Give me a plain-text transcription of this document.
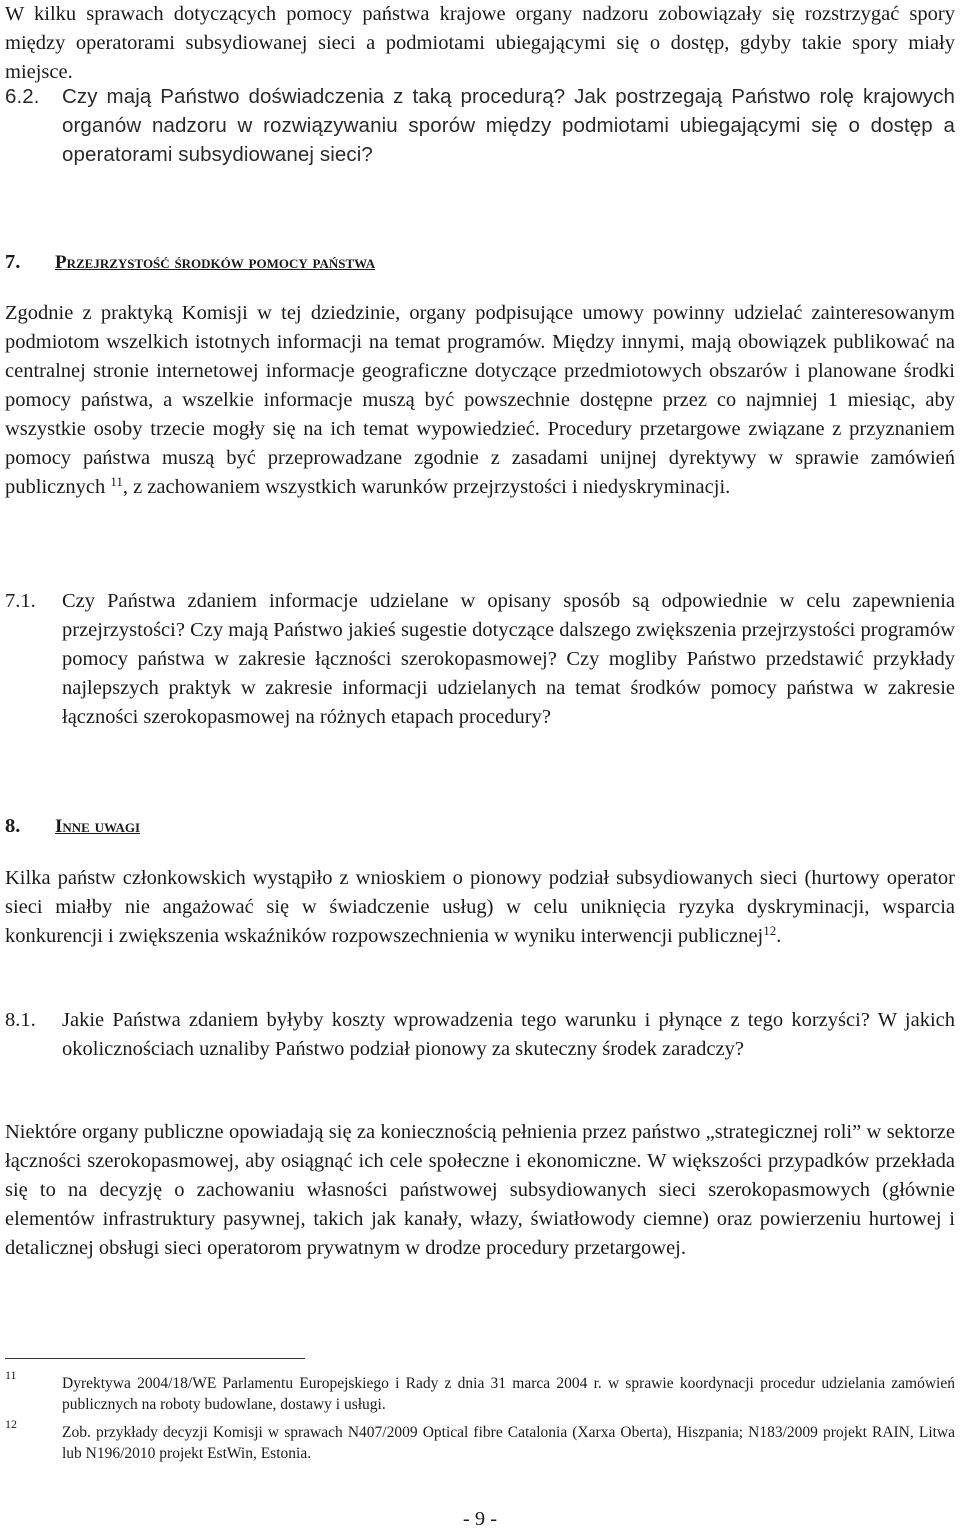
W kilku sprawach dotyczących pomocy państwa krajowe organy nadzoru zobowiązały się rozstrzygać spory między operatorami subsydiowanej sieci a podmiotami ubiegającymi się o dostęp, gdyby takie spory miały miejsce.

6.2. Czy mają Państwo doświadczenia z taką procedurą? Jak postrzegają Państwo rolę krajowych organów nadzoru w rozwiązywaniu sporów między podmiotami ubiegającymi się o dostęp a operatorami subsydiowanej sieci?
7. Przejrzystość środków pomocy państwa

Zgodnie z praktyką Komisji w tej dziedzinie, organy podpisujące umowy powinny udzielać zainteresowanym podmiotom wszelkich istotnych informacji na temat programów. Między innymi, mają obowiązek publikować na centralnej stronie internetowej informacje geograficzne dotyczące przedmiotowych obszarów i planowane środki pomocy państwa, a wszelkie informacje muszą być powszechnie dostępne przez co najmniej 1 miesiąc, aby wszystkie osoby trzecie mogły się na ich temat wypowiedzieć. Procedury przetargowe związane z przyznaniem pomocy państwa muszą być przeprowadzane zgodnie z zasadami unijnej dyrektywy w sprawie zamówień publicznych $^{11}$, z zachowaniem wszystkich warunków przejrzystości i niedyskryminacji.

7.1. Czy Państwa zdaniem informacje udzielane w opisany sposób są odpowiednie w celu zapewnienia przejrzystości? Czy mają Państwo jakieś sugestie dotyczące dalszego zwiększenia przejrzystości programów pomocy państwa w zakresie łączności szerokopasmowej? Czy mogliby Państwo przedstawić przykłady najlepszych praktyk w zakresie informacji udzielanych na temat środków pomocy państwa w zakresie łączności szerokopasmowej na różnych etapach procedury?
8. Inne uwagi

Kilka państw członkowskich wystąpiło z wnioskiem o pionowy podział subsydiowanych sieci (hurtowy operator sieci miałby nie angażować się w świadczenie usług) w celu uniknięcia ryzyka dyskryminacji, wsparcia konkurencji i zwiększenia wskaźników rozpowszechnienia w wyniku interwencji publicznej$^{12}$.

8.1. Jakie Państwa zdaniem byłyby koszty wprowadzenia tego warunku i płynące z tego korzyści? W jakich okolicznościach uznaliby Państwo podział pionowy za skuteczny środek zaradczy?

Niektóre organy publiczne opowiadają się za koniecznością pełnienia przez państwo „strategicznej roli” w sektorze łączności szerokopasmowej, aby osiągnąć ich cele społeczne i ekonomiczne. W większości przypadków przekłada się to na decyzję o zachowaniu własności państwowej subsydiowanych sieci szerokopasmowych (głównie elementów infrastruktury pasywnej, takich jak kanały, włazy, światłowody ciemne) oraz powierzeniu hurtowej i detalicznej obsługi sieci operatorom prywatnym w drodze procedury przetargowej.

11	Dyrektywa 2004/18/WE Parlamentu Europejskiego i Rady z dnia 31 marca 2004 r. w sprawie koordynacji procedur udzielania zamówień publicznych na roboty budowlane, dostawy i usługi.
12	Zob. przykłady decyzji Komisji w sprawach N407/2009 Optical fibre Catalonia (Xarxa Oberta), Hiszpania; N183/2009 projekt RAIN, Litwa lub N196/2010 projekt EstWin, Estonia.
- 9 -
